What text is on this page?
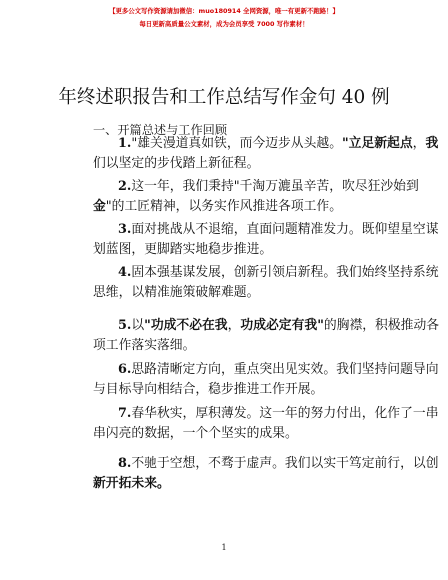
【更多公文写作资源请加微信：muo180914 全网资源，唯一有更新不跑路！】
每日更新高质量公文素材，成为会员享受 7000 写作素材！
年终述职报告和工作总结写作金句 40 例
一、开篇总述与工作回顾
1."雄关漫道真如铁，而今迈步从头越。"立足新起点，我
们以坚定的步伐踏上新征程。
2.这一年，我们秉持"千淘万漉虽辛苦，吹尽狂沙始到
金"的工匠精神，以务实作风推进各项工作。
3.面对挑战从不退缩，直面问题精准发力。既仰望星空谋
划蓝图，更脚踏实地稳步推进。
4.固本强基谋发展，创新引领启新程。我们始终坚持系统
思维，以精准施策破解难题。
5.以"功成不必在我，功成必定有我"的胸襟，积极推动各
项工作落实落细。
6.思路清晰定方向，重点突出见实效。我们坚持问题导向
与目标导向相结合，稳步推进工作开展。
7.春华秋实，厚积薄发。这一年的努力付出，化作了一串
串闪亮的数据，一个个坚实的成果。
8.不驰于空想，不骛于虚声。我们以实干笃定前行，以创
新开拓未来。
1
